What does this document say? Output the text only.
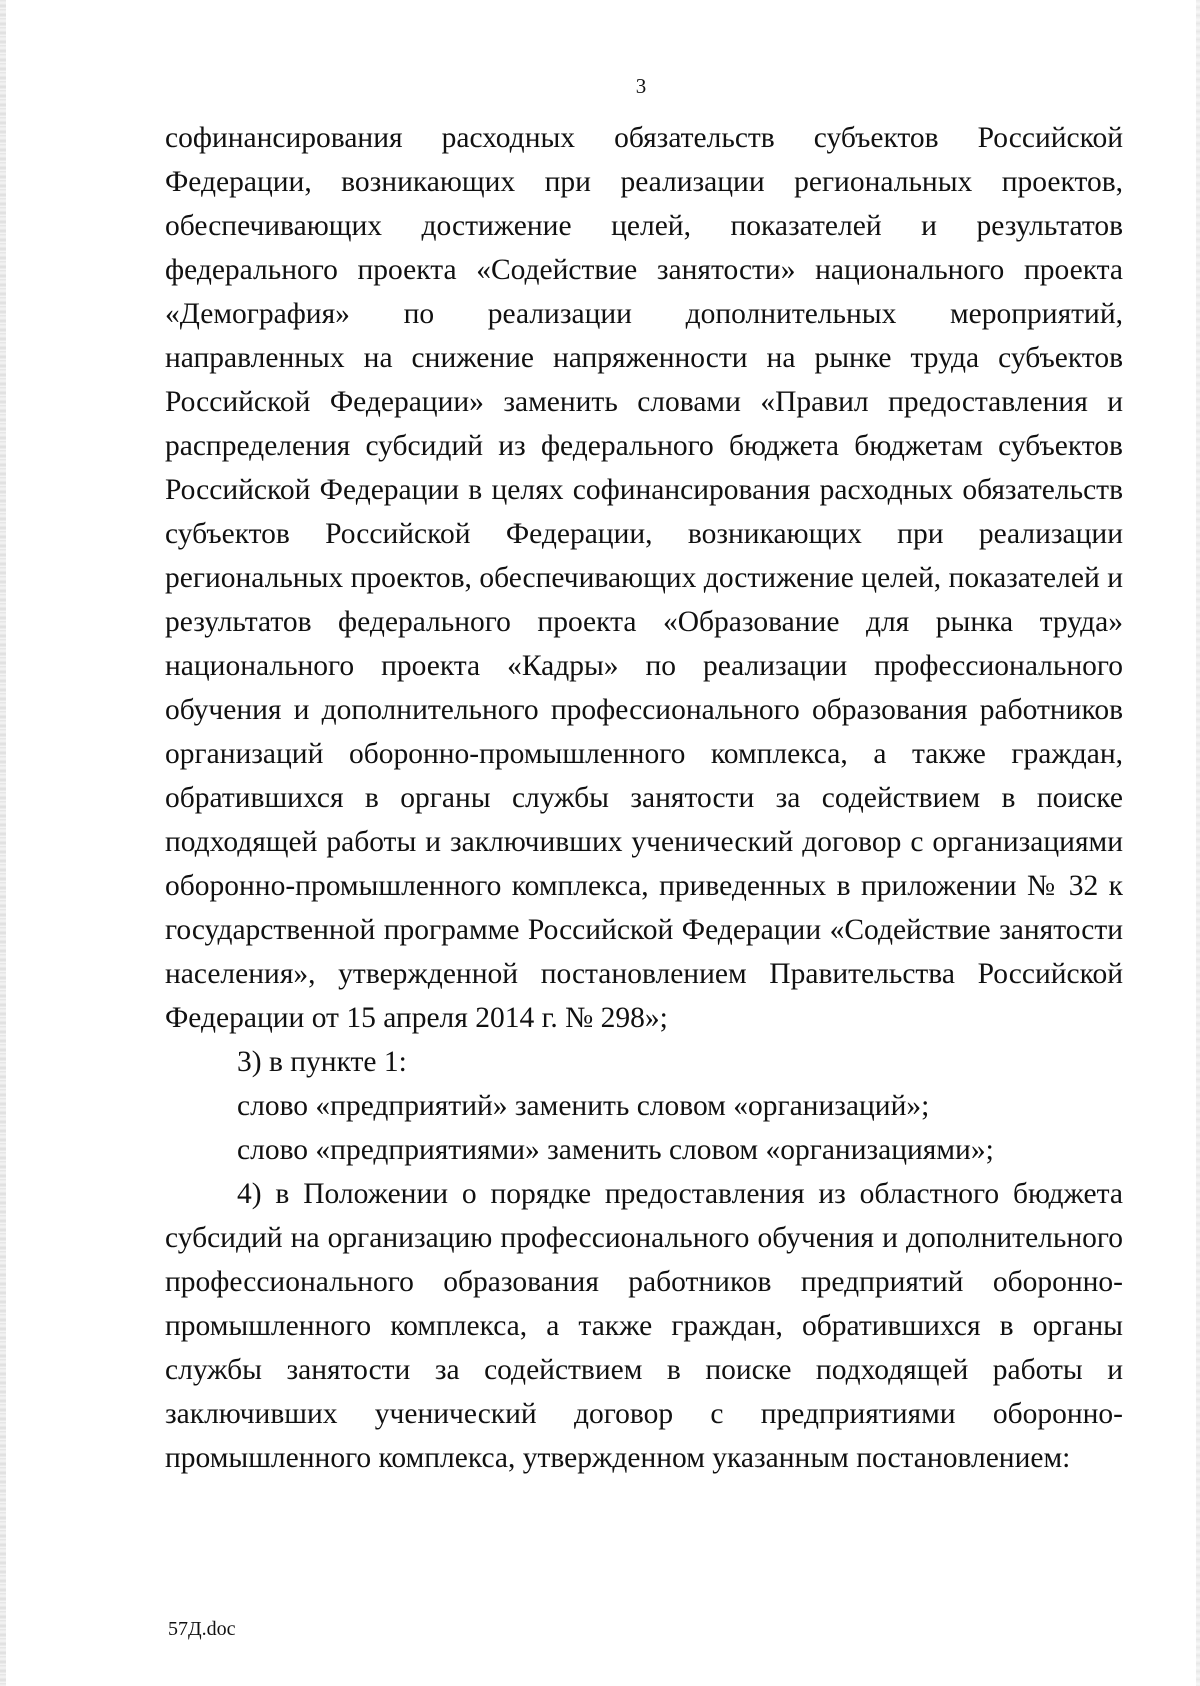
3

софинансирования расходных обязательств субъектов Российской Федерации, возникающих при реализации региональных проектов, обеспечивающих достижение целей, показателей и результатов федерального проекта «Содействие занятости» национального проекта «Демография» по реализации дополнительных мероприятий, направленных на снижение напряженности на рынке труда субъектов Российской Федерации» заменить словами «Правил предоставления и распределения субсидий из федерального бюджета бюджетам субъектов Российской Федерации в целях софинансирования расходных обязательств субъектов Российской Федерации, возникающих при реализации региональных проектов, обеспечивающих достижение целей, показателей и результатов федерального проекта «Образование для рынка труда» национального проекта «Кадры» по реализации профессионального обучения и дополнительного профессионального образования работников организаций оборонно-промышленного комплекса, а также граждан, обратившихся в органы службы занятости за содействием в поиске подходящей работы и заключивших ученический договор с организациями оборонно-промышленного комплекса, приведенных в приложении № 32 к государственной программе Российской Федерации «Содействие занятости населения», утвержденной постановлением Правительства Российской Федерации от 15 апреля 2014 г. № 298»;

3) в пункте 1:

слово «предприятий» заменить словом «организаций»;

слово «предприятиями» заменить словом «организациями»;

4) в Положении о порядке предоставления из областного бюджета субсидий на организацию профессионального обучения и дополнительного профессионального образования работников предприятий оборонно-промышленного комплекса, а также граждан, обратившихся в органы службы занятости за содействием в поиске подходящей работы и заключивших ученический договор с предприятиями оборонно-промышленного комплекса, утвержденном указанным постановлением:

57Д.doc
